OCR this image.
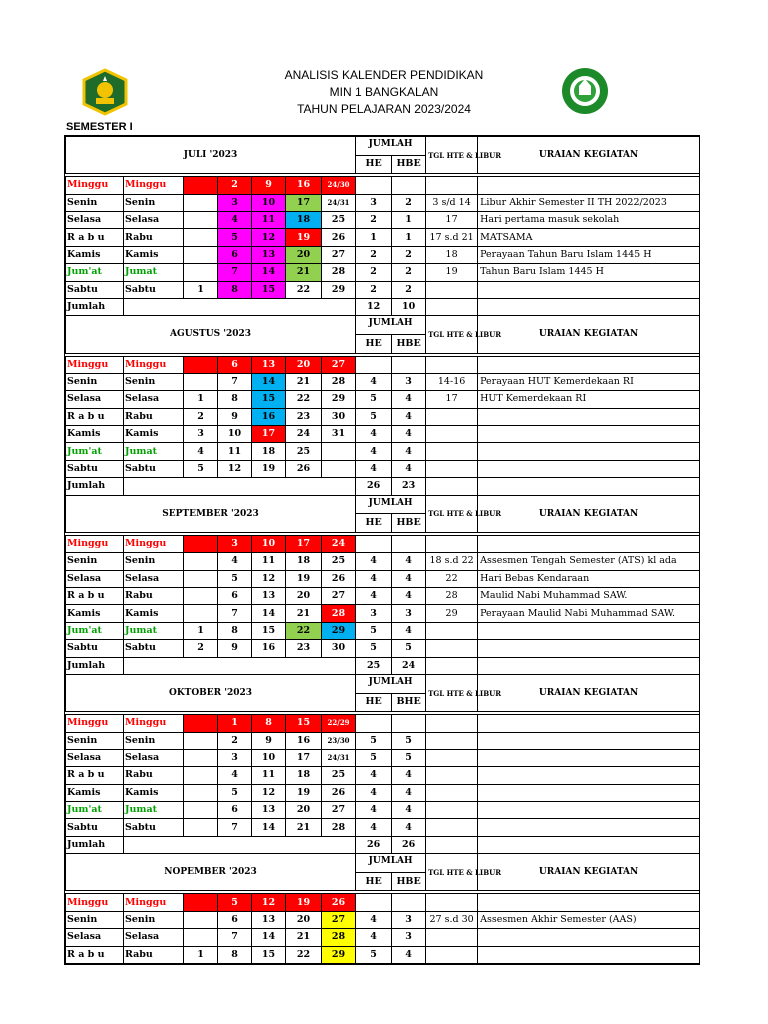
ANALISIS KALENDER PENDIDIKAN
MIN 1 BANGKALAN
TAHUN PELAJARAN 2023/2024
SEMESTER I
JULI '2023							JUMLAH		TGL HTE & LIBUR	URAIAN KEGIATAN
							HE	HBE		

Minggu	Minggu		2	9	16	24/30				
Senin	Senin		3	10	17	24/31	3	2	3 s/d 14	Libur Akhir Semester II TH 2022/2023
Selasa	Selasa		4	11	18	25	2	1	17	Hari pertama masuk sekolah
R a b u	Rabu		5	12	19	26	1	1	17 s.d 21	MATSAMA
Kamis	Kamis		6	13	20	27	2	2	18	Perayaan Tahun Baru Islam 1445 H
Jum'at	Jumat		7	14	21	28	2	2	19	Tahun Baru Islam 1445 H
Sabtu	Sabtu	1	8	15	22	29	2	2		
Jumlah							12	10		
AGUSTUS '2023							JUMLAH		TGL HTE & LIBUR	URAIAN KEGIATAN
							HE	HBE		

Minggu	Minggu		6	13	20	27				
Senin	Senin		7	14	21	28	4	3	14-16	Perayaan HUT Kemerdekaan RI
Selasa	Selasa	1	8	15	22	29	5	4	17	HUT Kemerdekaan RI
R a b u	Rabu	2	9	16	23	30	5	4		
Kamis	Kamis	3	10	17	24	31	4	4		
Jum'at	Jumat	4	11	18	25		4	4		
Sabtu	Sabtu	5	12	19	26		4	4		
Jumlah							26	23		
SEPTEMBER '2023							JUMLAH		TGL HTE & LIBUR	URAIAN KEGIATAN
							HE	HBE		

Minggu	Minggu		3	10	17	24				
Senin	Senin		4	11	18	25	4	4	18 s.d 22	Assesmen Tengah Semester (ATS) kl ada
Selasa	Selasa		5	12	19	26	4	4	22	Hari Bebas Kendaraan
R a b u	Rabu		6	13	20	27	4	4	28	Maulid Nabi Muhammad SAW.
Kamis	Kamis		7	14	21	28	3	3	29	Perayaan Maulid Nabi Muhammad SAW.
Jum'at	Jumat	1	8	15	22	29	5	4		
Sabtu	Sabtu	2	9	16	23	30	5	5		
Jumlah							25	24		
OKTOBER '2023							JUMLAH		TGL HTE & LIBUR	URAIAN KEGIATAN
							HE	BHE		

Minggu	Minggu		1	8	15	22/29				
Senin	Senin		2	9	16	23/30	5	5		
Selasa	Selasa		3	10	17	24/31	5	5		
R a b u	Rabu		4	11	18	25	4	4		
Kamis	Kamis		5	12	19	26	4	4		
Jum'at	Jumat		6	13	20	27	4	4		
Sabtu	Sabtu		7	14	21	28	4	4		
Jumlah							26	26		
NOPEMBER '2023							JUMLAH		TGL HTE & LIBUR	URAIAN KEGIATAN
							HE	HBE		

Minggu	Minggu		5	12	19	26				
Senin	Senin		6	13	20	27	4	3	27 s.d 30	Assesmen Akhir Semester (AAS)
Selasa	Selasa		7	14	21	28	4	3		
R a b u	Rabu	1	8	15	22	29	5	4		
